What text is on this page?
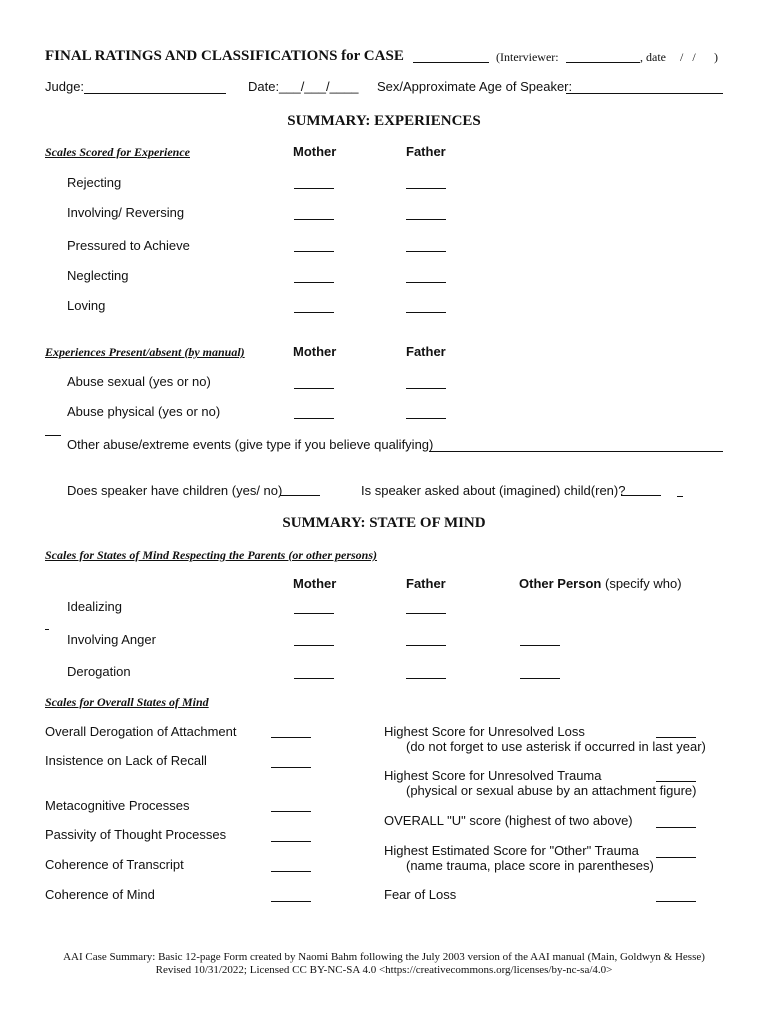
FINAL RATINGS AND CLASSIFICATIONS for CASE	(Interviewer:	, date / / )
Judge:	Date: ___/___/____ Sex/Approximate Age of Speaker:
SUMMARY: EXPERIENCES
Scales Scored for Experience	Mother	Father
Rejecting
Involving/ Reversing
Pressured to Achieve
Neglecting
Loving
Experiences Present/absent (by manual)	Mother	Father
Abuse sexual (yes or no)
Abuse physical (yes or no)
Other abuse/extreme events (give type if you believe qualifying)
Does speaker have children (yes/ no)	Is speaker asked about (imagined) child(ren)?
SUMMARY: STATE OF MIND
Scales for States of Mind Respecting the Parents (or other persons)
Mother	Father	Other Person (specify who)
Idealizing
Involving Anger
Derogation
Scales for Overall States of Mind
Overall Derogation of Attachment
Insistence on Lack of Recall
Metacognitive Processes
Passivity of Thought Processes
Coherence of Transcript
Coherence of Mind
Highest Score for Unresolved Loss
(do not forget to use asterisk if occurred in last year)
Highest Score for Unresolved Trauma
(physical or sexual abuse by an attachment figure)
OVERALL "U" score (highest of two above)
Highest Estimated Score for "Other" Trauma
(name trauma, place score in parentheses)
Fear of Loss
AAI Case Summary: Basic 12-page Form created by Naomi Bahm following the July 2003 version of the AAI manual (Main, Goldwyn & Hesse)
Revised 10/31/2022; Licensed CC BY-NC-SA 4.0 <https://creativecommons.org/licenses/by-nc-sa/4.0>
